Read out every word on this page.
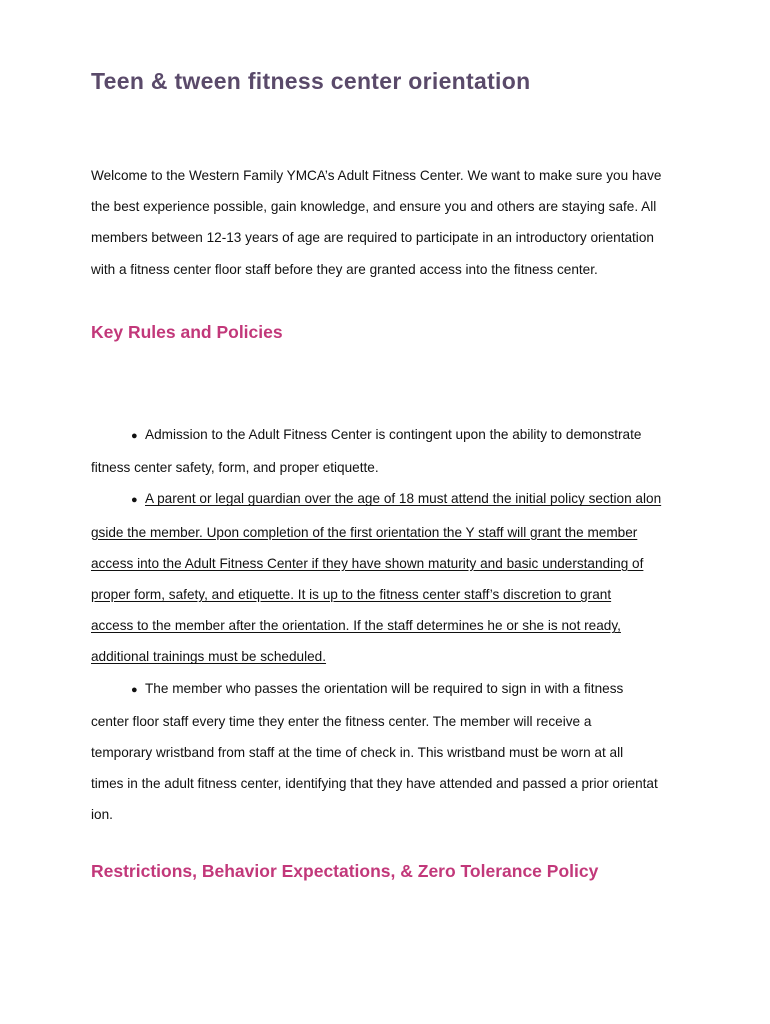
Teen & tween fitness center orientation

Welcome to the Western Family YMCA’s Adult Fitness Center. We want to make sure you have
the best experience possible, gain knowledge, and ensure you and others are staying safe. All
members between 12-13 years of age are required to participate in an introductory orientation
with a fitness center floor staff before they are granted access into the fitness center.

Key Rules and Policies
● Admission to the Adult Fitness Center is contingent upon the ability to demonstrate
fitness center safety, form, and proper etiquette.
● A parent or legal guardian over the age of 18 must attend the initial policy section alon
gside the member. Upon completion of the first orientation the Y staff will grant the member
access into the Adult Fitness Center if they have shown maturity and basic understanding of
proper form, safety, and etiquette. It is up to the fitness center staff’s discretion to grant
access to the member after the orientation. If the staff determines he or she is not ready,
additional trainings must be scheduled.
● The member who passes the orientation will be required to sign in with a fitness
center floor staff every time they enter the fitness center. The member will receive a
temporary wristband from staff at the time of check in. This wristband must be worn at all
times in the adult fitness center, identifying that they have attended and passed a prior orientat
ion.
Restrictions, Behavior Expectations, & Zero Tolerance Policy
